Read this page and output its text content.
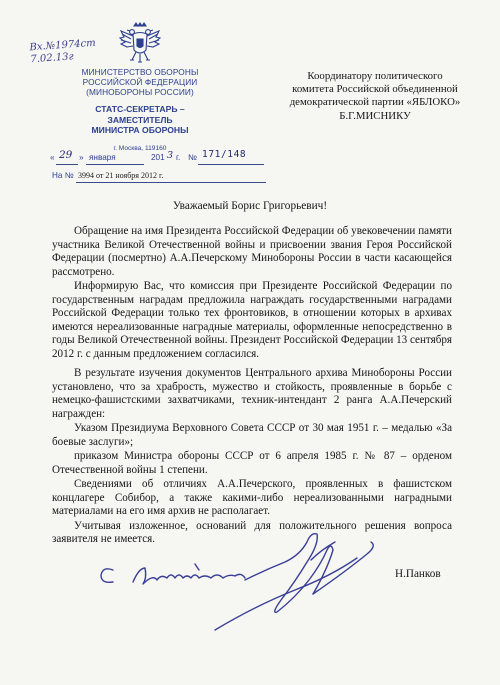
Вх.№1974ст
7.02.13г
МИНИСТЕРСТВО ОБОРОНЫ
РОССИЙСКОЙ ФЕДЕРАЦИИ
(МИНОБОРОНЫ РОССИИ)
СТАТС-СЕКРЕТАРЬ –
ЗАМЕСТИТЕЛЬ
МИНИСТРА ОБОРОНЫ
г. Москва, 119160
« 29 » января	201 3 г. № 171/148
На № 3994 от 21 ноября 2012 г.
Координатору политического
комитета Российской объединенной
демократической партии «ЯБЛОКО»
Б.Г.МИСНИКУ
Уважаемый Борис Григорьевич!

Обращение на имя Президента Российской Федерации об увековечении памяти участника Великой Отечественной войны и присвоении звания Героя Российской Федерации (посмертно) А.А.Печерскому Минобороны России в части касающейся рассмотрено.

Информирую Вас, что комиссия при Президенте Российской Федерации по государственным наградам предложила награждать государственными наградами Российской Федерации только тех фронтовиков, в отношении которых в архивах имеются нереализованные наградные материалы, оформленные непосредственно в годы Великой Отечественной войны. Президент Российской Федерации 13 сентября 2012 г. с данным предложением согласился.

В результате изучения документов Центрального архива Минобороны России установлено, что за храбрость, мужество и стойкость, проявленные в борьбе с немецко-фашистскими захватчиками, техник-интендант 2 ранга А.А.Печерский награжден:

Указом Президиума Верховного Совета СССР от 30 мая 1951 г. – медалью «За боевые заслуги»;

приказом Министра обороны СССР от 6 апреля 1985 г. № 87 – орденом Отечественной войны 1 степени.

Сведениями об отличиях А.А.Печерского, проявленных в фашистском концлагере Собибор, а также какими-либо нереализованными наградными материалами на его имя архив не располагает.

Учитывая изложенное, оснований для положительного решения вопроса заявителя не имеется.

Н.Панков
